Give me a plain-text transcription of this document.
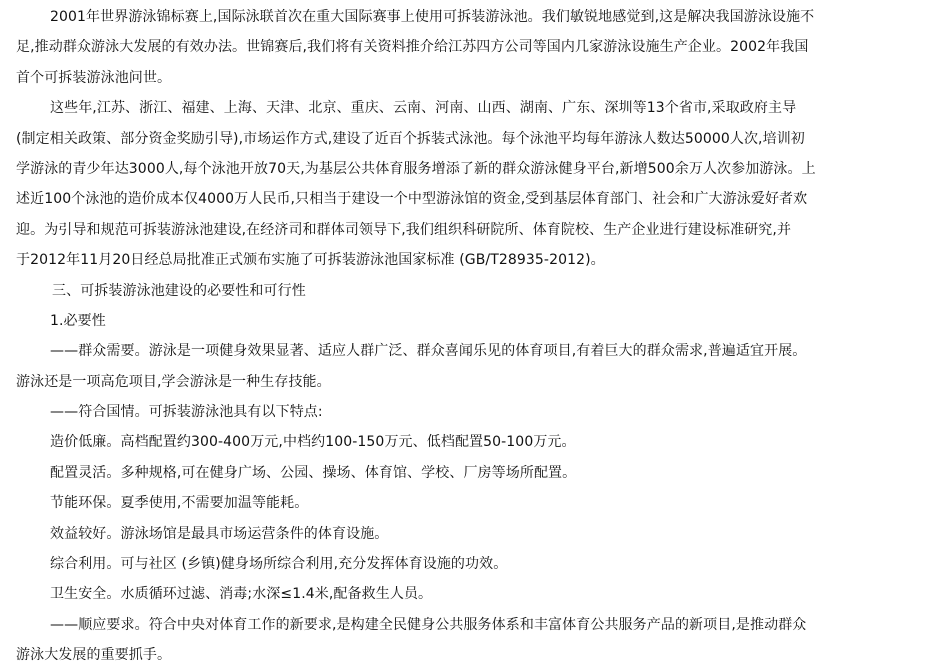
2001年世界游泳锦标赛上,国际泳联首次在重大国际赛事上使用可拆装游泳池。我们敏锐地感觉到,这是解决我国游泳设施不
足,推动群众游泳大发展的有效办法。世锦赛后,我们将有关资料推介给江苏四方公司等国内几家游泳设施生产企业。2002年我国
首个可拆装游泳池问世。
这些年,江苏、浙江、福建、上海、天津、北京、重庆、云南、河南、山西、湖南、广东、深圳等13个省市,采取政府主导
(制定相关政策、部分资金奖励引导),市场运作方式,建设了近百个拆装式泳池。每个泳池平均每年游泳人数达50000人次,培训初
学游泳的青少年达3000人,每个泳池开放70天,为基层公共体育服务增添了新的群众游泳健身平台,新增500余万人次参加游泳。上
述近100个泳池的造价成本仅4000万人民币,只相当于建设一个中型游泳馆的资金,受到基层体育部门、社会和广大游泳爱好者欢
迎。为引导和规范可拆装游泳池建设,在经济司和群体司领导下,我们组织科研院所、体育院校、生产企业进行建设标准研究,并
于2012年11月20日经总局批准正式颁布实施了可拆装游泳池国家标准 (GB/T28935-2012)。
三、可拆装游泳池建设的必要性和可行性
1.必要性
——群众需要。游泳是一项健身效果显著、适应人群广泛、群众喜闻乐见的体育项目,有着巨大的群众需求,普遍适宜开展。
游泳还是一项高危项目,学会游泳是一种生存技能。
——符合国情。可拆装游泳池具有以下特点:
造价低廉。高档配置约300-400万元,中档约100-150万元、低档配置50-100万元。
配置灵活。多种规格,可在健身广场、公园、操场、体育馆、学校、厂房等场所配置。
节能环保。夏季使用,不需要加温等能耗。
效益较好。游泳场馆是最具市场运营条件的体育设施。
综合利用。可与社区 (乡镇)健身场所综合利用,充分发挥体育设施的功效。
卫生安全。水质循环过滤、消毒;水深≤1.4米,配备救生人员。
——顺应要求。符合中央对体育工作的新要求,是构建全民健身公共服务体系和丰富体育公共服务产品的新项目,是推动群众
游泳大发展的重要抓手。
